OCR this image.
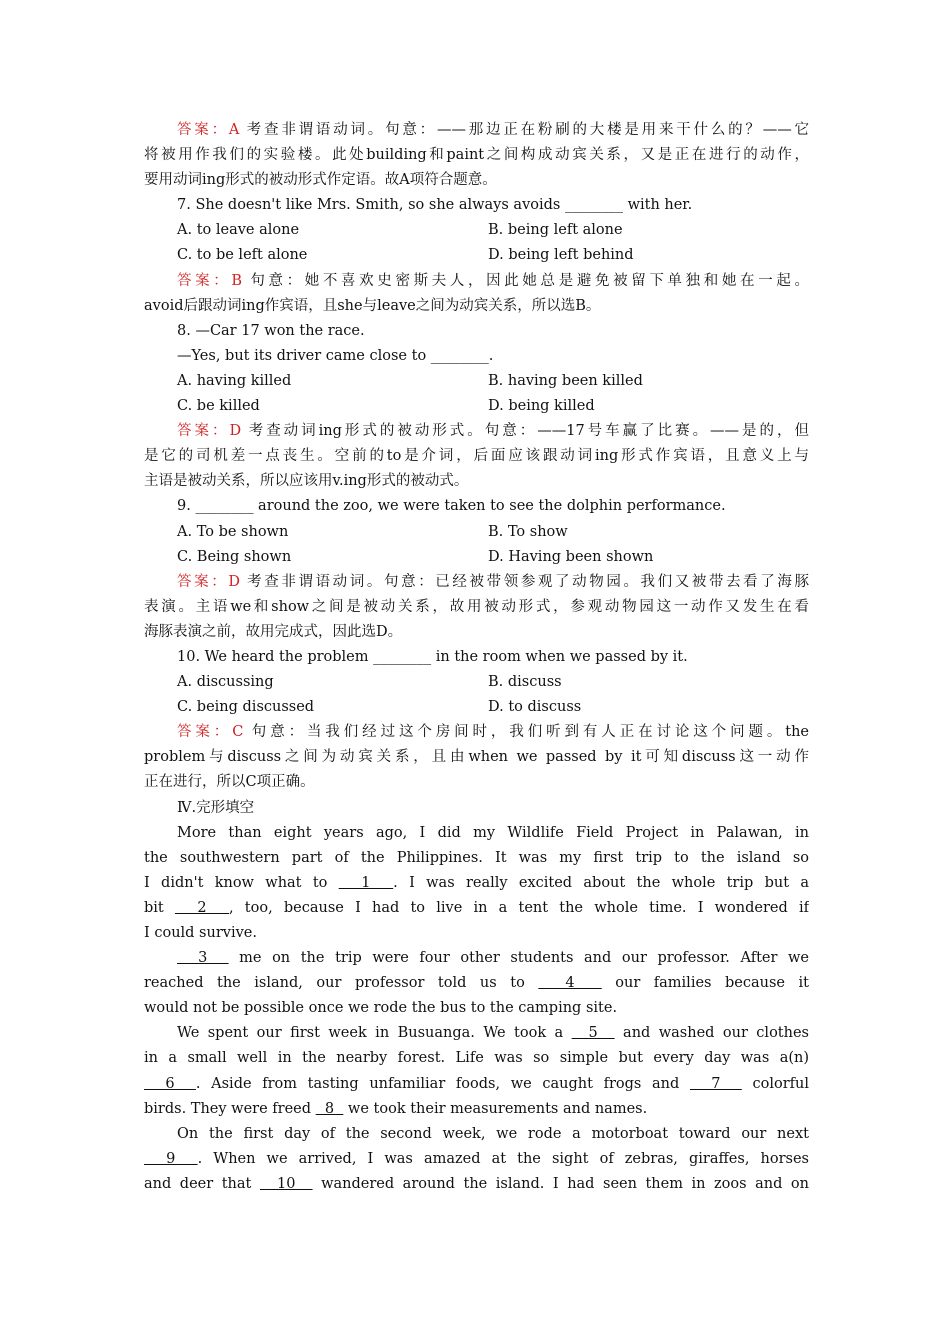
答案：A 考查非谓语动词。句意：——那边正在粉刷的大楼是用来干什么的？——它
将被用作我们的实验楼。此处building和paint之间构成动宾关系，又是正在进行的动作，
要用动词ing形式的被动形式作定语。故A项符合题意。
7. She doesn't like Mrs. Smith, so she always avoids ________ with her.
A. to leave alone	B. being left alone
C. to be left alone	D. being left behind
答案：B 句意：她不喜欢史密斯夫人，因此她总是避免被留下单独和她在一起。
avoid后跟动词ing作宾语，且she与leave之间为动宾关系，所以选B。
8. —Car 17 won the race.
—Yes, but its driver came close to ________.
A. having killed	B. having been killed
C. be killed	D. being killed
答案：D 考查动词ing形式的被动形式。句意：——17号车赢了比赛。——是的，但
是它的司机差一点丧生。空前的to是介词，后面应该跟动词ing形式作宾语，且意义上与
主语是被动关系，所以应该用v.ing形式的被动式。
9. ________ around the zoo, we were taken to see the dolphin performance.
A. To be shown	B. To show
C. Being shown	D. Having been shown
答案：D 考查非谓语动词。句意：已经被带领参观了动物园。我们又被带去看了海豚
表演。主语we和show之间是被动关系，故用被动形式，参观动物园这一动作又发生在看
海豚表演之前，故用完成式，因此选D。
10. We heard the problem ________ in the room when we passed by it.
A. discussing	B. discuss
C. being discussed	D. to discuss
答案：C 句意：当我们经过这个房间时，我们听到有人正在讨论这个问题。the
problem与discuss之间为动宾关系，且由when we passed by it可知discuss这一动作
正在进行，所以C项正确。
Ⅳ.完形填空
More than eight years ago, I did my Wildlife Field Project in Palawan, in
the southwestern part of the Philippines. It was my first trip to the island so
I didn't know what to   1  . I was really excited about the whole trip but a
bit   2  , too, because I had to live in a tent the whole time. I wondered if
I could survive.
3   me on the trip were four other students and our professor. After we
reached the island, our professor told us to   4   our families because it
would not be possible once we rode the bus to the camping site.
We spent our first week in Busuanga. We took a   5   and washed our clothes
in a small well in the nearby forest. Life was so simple but every day was a(n)
6  . Aside from tasting unfamiliar foods, we caught frogs and   7   colorful
birds. They were freed   8   we took their measurements and names.
On the first day of the second week, we rode a motorboat toward our next
9  . When we arrived, I was amazed at the sight of zebras, giraffes, horses
and deer that   10   wandered around the island. I had seen them in zoos and on
